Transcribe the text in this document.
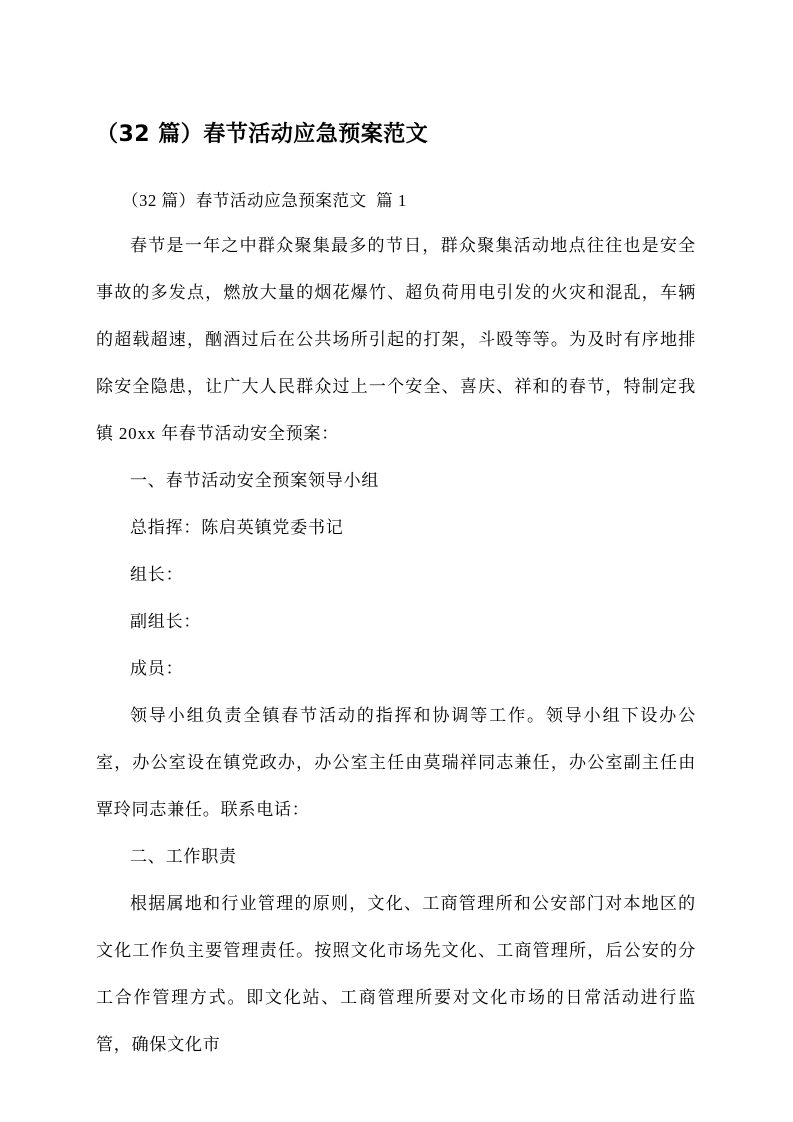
（32 篇）春节活动应急预案范文
（32 篇）春节活动应急预案范文  篇 1

春节是一年之中群众聚集最多的节日，群众聚集活动地点往往也是安全事故的多发点，燃放大量的烟花爆竹、超负荷用电引发的火灾和混乱，车辆的超载超速，酗酒过后在公共场所引起的打架，斗殴等等。为及时有序地排除安全隐患，让广大人民群众过上一个安全、喜庆、祥和的春节，特制定我镇 20xx 年春节活动安全预案：

一、春节活动安全预案领导小组

总指挥：陈启英镇党委书记

组长：

副组长：

成员：

领导小组负责全镇春节活动的指挥和协调等工作。领导小组下设办公室，办公室设在镇党政办，办公室主任由莫瑞祥同志兼任，办公室副主任由覃玲同志兼任。联系电话：

二、工作职责

根据属地和行业管理的原则，文化、工商管理所和公安部门对本地区的文化工作负主要管理责任。按照文化市场先文化、工商管理所，后公安的分工合作管理方式。即文化站、工商管理所要对文化市场的日常活动进行监管，确保文化市
